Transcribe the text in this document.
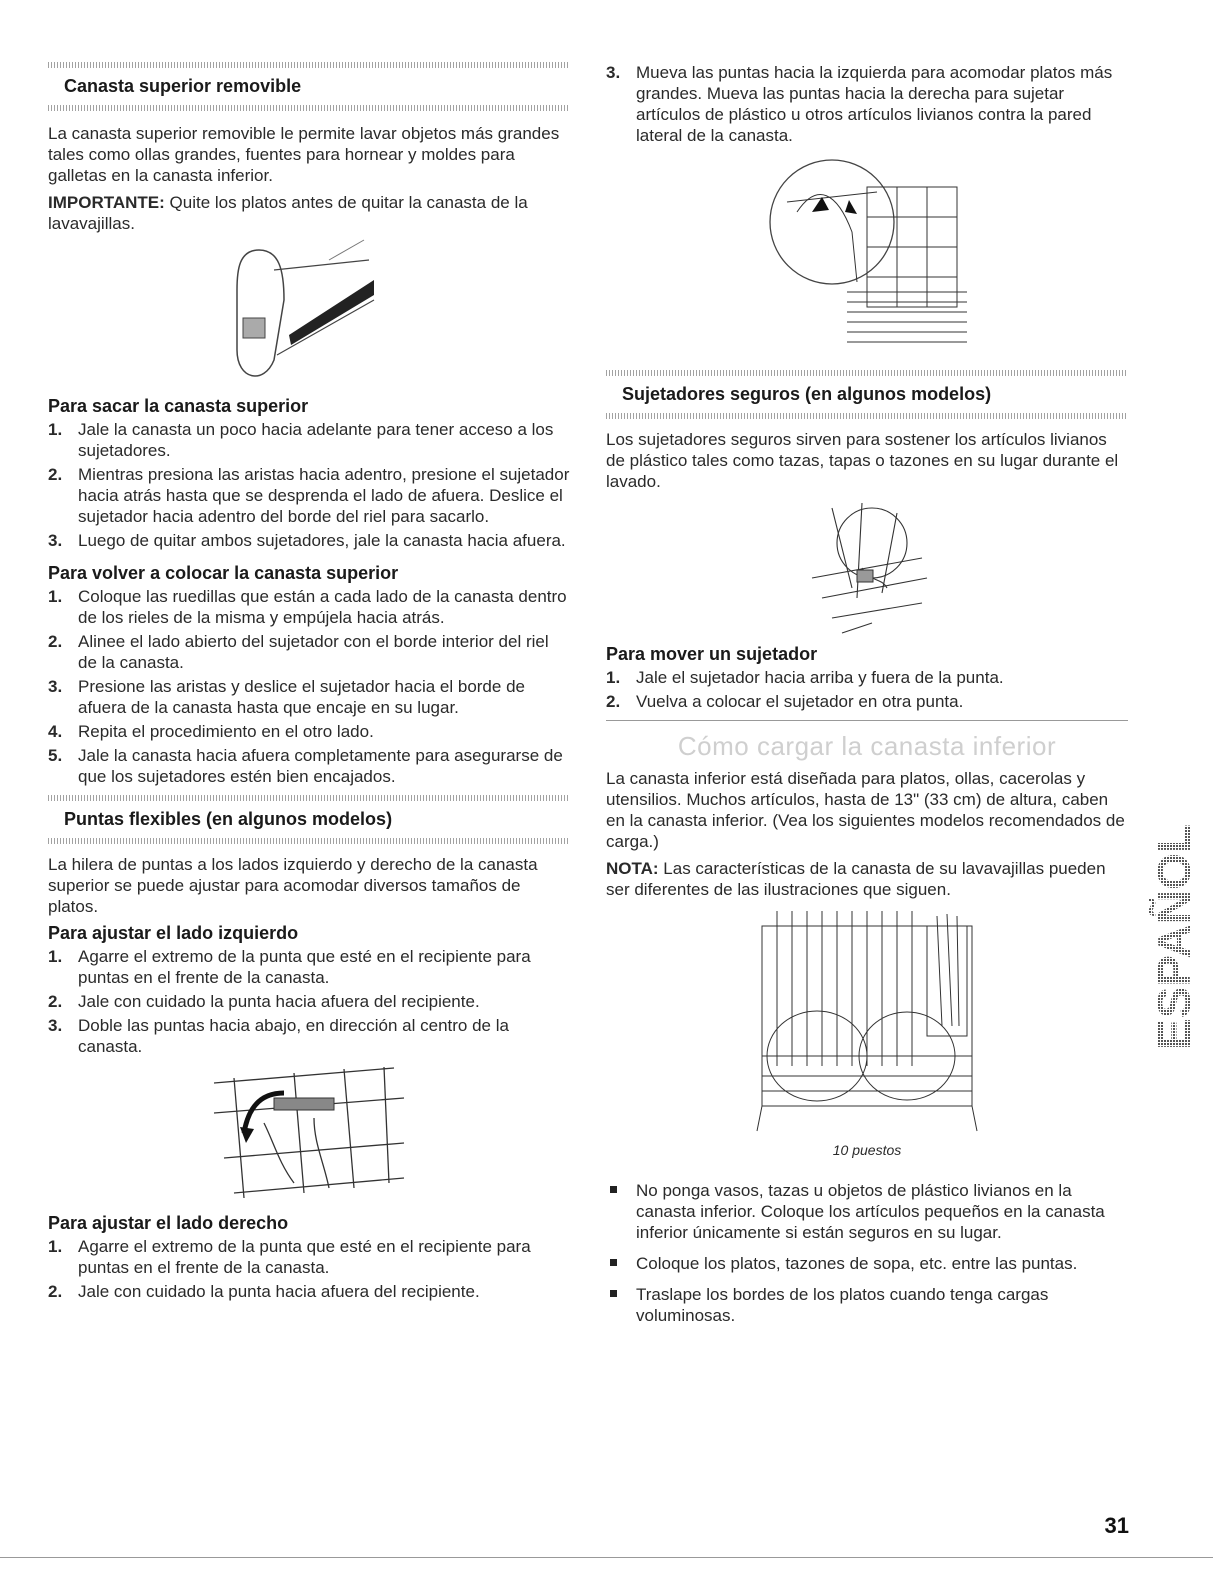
Canasta superior removible

La canasta superior removible le permite lavar objetos más grandes tales como ollas grandes, fuentes para hornear y moldes para galletas en la canasta inferior.

IMPORTANTE: Quite los platos antes de quitar la canasta de la lavavajillas.

Para sacar la canasta superior
1. Jale la canasta un poco hacia adelante para tener acceso a los sujetadores.
2. Mientras presiona las aristas hacia adentro, presione el sujetador hacia atrás hasta que se desprenda el lado de afuera. Deslice el sujetador hacia adentro del borde del riel para sacarlo.
3. Luego de quitar ambos sujetadores, jale la canasta hacia afuera.
Para volver a colocar la canasta superior
1. Coloque las ruedillas que están a cada lado de la canasta dentro de los rieles de la misma y empújela hacia atrás.
2. Alinee el lado abierto del sujetador con el borde interior del riel de la canasta.
3. Presione las aristas y deslice el sujetador hacia el borde de afuera de la canasta hasta que encaje en su lugar.
4. Repita el procedimiento en el otro lado.
5. Jale la canasta hacia afuera completamente para asegurarse de que los sujetadores estén bien encajados.
Puntas flexibles (en algunos modelos)

La hilera de puntas a los lados izquierdo y derecho de la canasta superior se puede ajustar para acomodar diversos tamaños de platos.

Para ajustar el lado izquierdo
1. Agarre el extremo de la punta que esté en el recipiente para puntas en el frente de la canasta.
2. Jale con cuidado la punta hacia afuera del recipiente.
3. Doble las puntas hacia abajo, en dirección al centro de la canasta.
Para ajustar el lado derecho
1. Agarre el extremo de la punta que esté en el recipiente para puntas en el frente de la canasta.
2. Jale con cuidado la punta hacia afuera del recipiente.
3. Mueva las puntas hacia la izquierda para acomodar platos más grandes. Mueva las puntas hacia la derecha para sujetar artículos de plástico u otros artículos livianos contra la pared lateral de la canasta.
Sujetadores seguros (en algunos modelos)

Los sujetadores seguros sirven para sostener los artículos livianos de plástico tales como tazas, tapas o tazones en su lugar durante el lavado.

Para mover un sujetador
1. Jale el sujetador hacia arriba y fuera de la punta.
2. Vuelva a colocar el sujetador en otra punta.
Cómo cargar la canasta inferior

La canasta inferior está diseñada para platos, ollas, cacerolas y utensilios. Muchos artículos, hasta de 13" (33 cm) de altura, caben en la canasta inferior. (Vea los siguientes modelos recomendados de carga.)

NOTA: Las características de la canasta de su lavavajillas pueden ser diferentes de las ilustraciones que siguen.

10 puestos
No ponga vasos, tazas u objetos de plástico livianos en la canasta inferior. Coloque los artículos pequeños en la canasta inferior únicamente si están seguros en su lugar.
Coloque los platos, tazones de sopa, etc. entre las puntas.
Traslape los bordes de los platos cuando tenga cargas voluminosas.
ESPAÑOL
31
